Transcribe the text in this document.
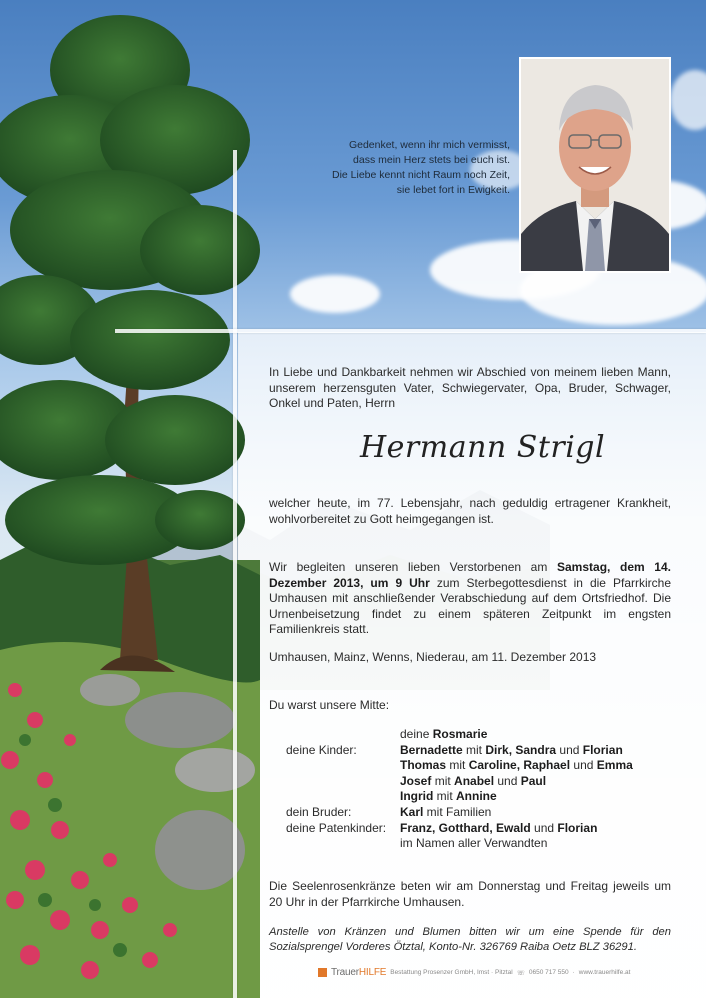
Gedenket, wenn ihr mich vermisst,
dass mein Herz stets bei euch ist.
Die Liebe kennt nicht Raum noch Zeit,
sie lebet fort in Ewigkeit.
In Liebe und Dankbarkeit nehmen wir Abschied von meinem lieben Mann, unserem herzensguten Vater, Schwiegervater, Opa, Bruder, Schwager, Onkel und Paten, Herrn
Hermann Strigl
welcher heute, im 77. Lebensjahr, nach geduldig ertragener Krankheit, wohlvorbereitet zu Gott heimgegangen ist.
Wir begleiten unseren lieben Verstorbenen am Samstag, dem 14. Dezember 2013, um 9 Uhr zum Sterbegottesdienst in die Pfarrkirche Umhausen mit anschließender Verabschiedung auf dem Ortsfriedhof. Die Urnenbeisetzung findet zu einem späteren Zeitpunkt im engsten Familienkreis statt.
Umhausen, Mainz, Wenns, Niederau, am 11. Dezember 2013
Du warst unsere Mitte:
deine Rosmarie
deine Kinder:	Bernadette mit Dirk, Sandra und Florian
Thomas mit Caroline, Raphael und Emma
Josef mit Anabel und Paul
Ingrid mit Annine
dein Bruder:	Karl mit Familien
deine Patenkinder:	Franz, Gotthard, Ewald und Florian
im Namen aller Verwandten
Die Seelenrosenkränze beten wir am Donnerstag und Freitag jeweils um 20 Uhr in der Pfarrkirche Umhausen.
Anstelle von Kränzen und Blumen bitten wir um eine Spende für den Sozialsprengel Vorderes Ötztal, Konto-Nr. 326769 Raiba Oetz BLZ 36291.
TrauerHILFE Bestattung Prosenzer GmbH, Imst · Pitztal ☏ 0650 717 550 · www.trauerhilfe.at
